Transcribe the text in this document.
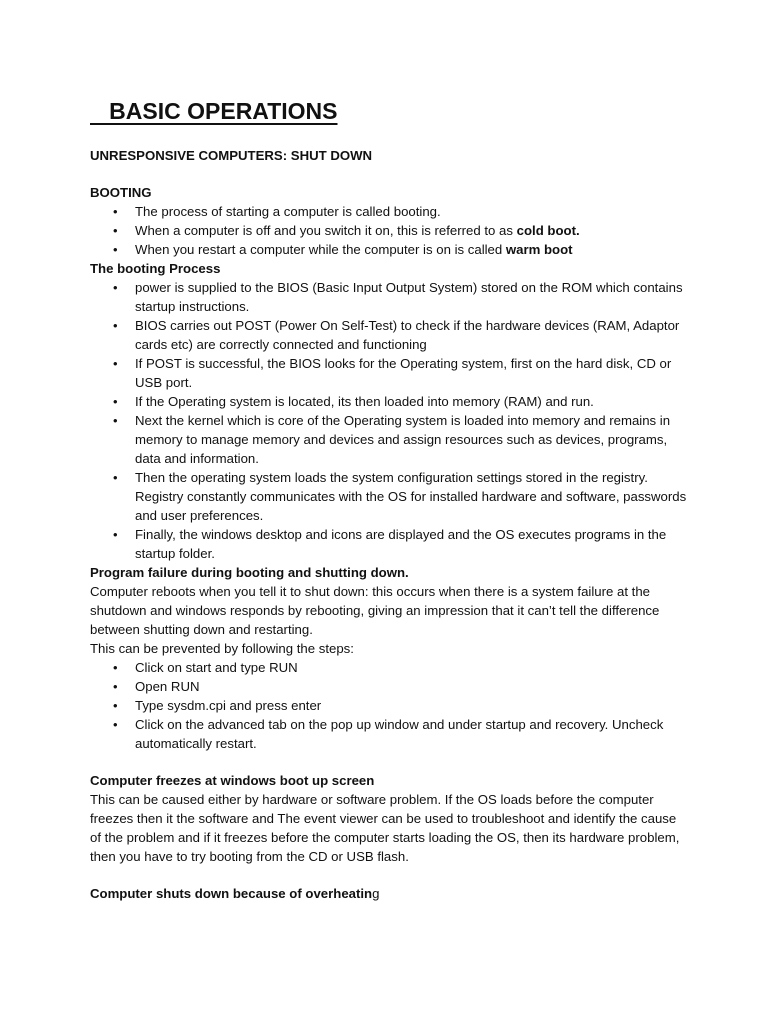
BASIC OPERATIONS

UNRESPONSIVE COMPUTERS: SHUT DOWN

BOOTING

• The process of starting a computer is called booting.
• When a computer is off and you switch it on, this is referred to as cold boot.
• When you restart a computer while the computer is on is called warm boot

The booting Process

• power is supplied to the BIOS (Basic Input Output System) stored on the ROM which contains startup instructions.
• BIOS carries out POST (Power On Self-Test) to check if the hardware devices (RAM, Adaptor cards etc) are correctly connected and functioning
• If POST is successful, the BIOS looks for the Operating system, first on the hard disk, CD or USB port.
• If the Operating system is located, its then loaded into memory (RAM) and run.
• Next the kernel which is core of the Operating system is loaded into memory and remains in memory to manage memory and devices and assign resources such as devices, programs, data and information.
• Then the operating system loads the system configuration settings stored in the registry. Registry constantly communicates with the OS for installed hardware and software, passwords and user preferences.
• Finally, the windows desktop and icons are displayed and the OS executes programs in the startup folder.

Program failure during booting and shutting down.

Computer reboots when you tell it to shut down: this occurs when there is a system failure at the shutdown and windows responds by rebooting, giving an impression that it can’t tell the difference between shutting down and restarting.

This can be prevented by following the steps:

• Click on start and type RUN
• Open RUN
• Type sysdm.cpi and press enter
• Click on the advanced tab on the pop up window and under startup and recovery. Uncheck automatically restart.

Computer freezes at windows boot up screen

This can be caused either by hardware or software problem. If the OS loads before the computer freezes then it the software and The event viewer can be used to troubleshoot and identify the cause of the problem and if it freezes before the computer starts loading the OS, then its hardware problem, then you have to try booting from the CD or USB flash.

Computer shuts down because of overheating
